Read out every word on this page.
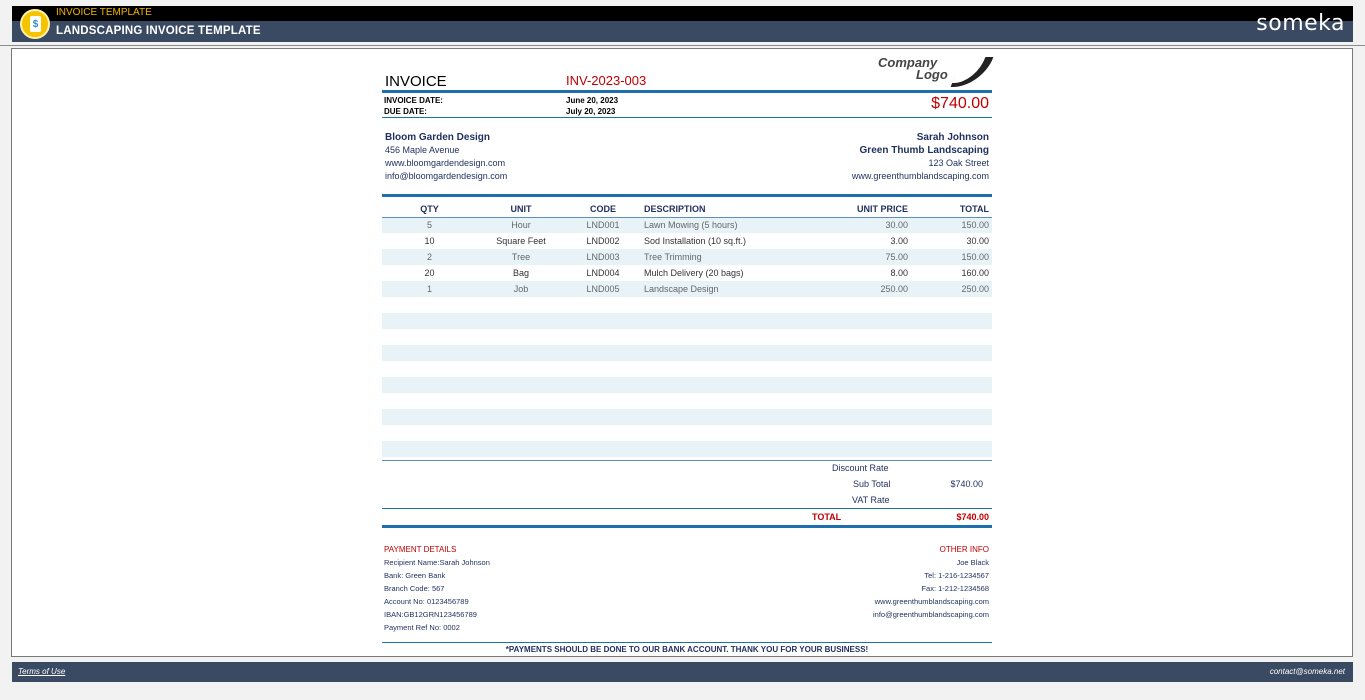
$
INVOICE TEMPLATE
LANDSCAPING INVOICE TEMPLATE	someka
INVOICE	INV-2023-003
Company
Logo
INVOICE DATE:	June 20, 2023
DUE DATE:	July 20, 2023	$740.00
Bloom Garden Design
456 Maple Avenue
www.bloomgardendesign.com
info@bloomgardendesign.com
Sarah Johnson
Green Thumb Landscaping
123 Oak Street
www.greenthumblandscaping.com
QTY	UNIT	CODE	DESCRIPTION	UNIT PRICE	TOTAL
5	Hour	LND001	Lawn Mowing (5 hours)	30.00	150.00
10	Square Feet	LND002	Sod Installation (10 sq.ft.)	3.00	30.00
2	Tree	LND003	Tree Trimming	75.00	150.00
20	Bag	LND004	Mulch Delivery (20 bags)	8.00	160.00
1	Job	LND005	Landscape Design	250.00	250.00

Discount Rate
Sub Total	$740.00
VAT Rate
TOTAL	$740.00
PAYMENT DETAILS
Recipient Name:Sarah Johnson
Bank: Green Bank
Branch Code: 567
Account No: 0123456789
IBAN:GB12GRN123456789
Payment Ref No: 0002
OTHER INFO
Joe Black
Tel: 1-216-1234567
Fax: 1-212-1234568
www.greenthumblandscaping.com
info@greenthumblandscaping.com
*PAYMENTS SHOULD BE DONE TO OUR BANK ACCOUNT. THANK YOU FOR YOUR BUSINESS!
Terms of Use	contact@someka.net
